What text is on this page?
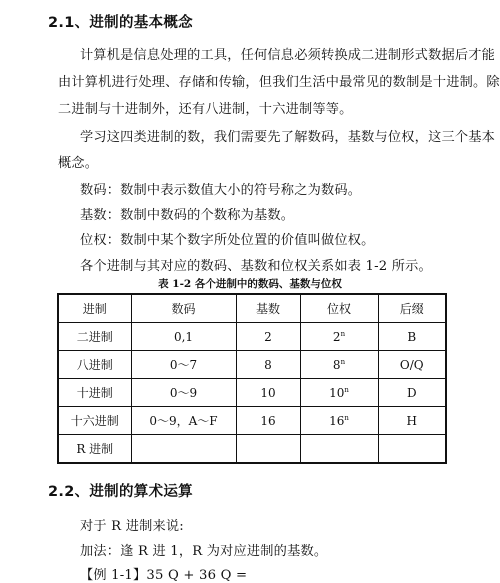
2.1、进制的基本概念
计算机是信息处理的工具，任何信息必须转换成二进制形式数据后才能
由计算机进行处理、存储和传输，但我们生活中最常见的数制是十进制。除
二进制与十进制外，还有八进制，十六进制等等。
学习这四类进制的数，我们需要先了解数码，基数与位权，这三个基本
概念。
数码：数制中表示数值大小的符号称之为数码。
基数：数制中数码的个数称为基数。
位权：数制中某个数字所处位置的价值叫做位权。
各个进制与其对应的数码、基数和位权关系如表 1-2 所示。
表 1-2 各个进制中的数码、基数与位权
进制	数码	基数	位权	后缀
二进制	0,1	2	2$^n$	B
八进制	0～7	8	8$^n$	O/Q
十进制	0～9	10	10$^n$	D
十六进制	0～9，A～F	16	16$^n$	H
R 进制				
2.2、进制的算术运算
对于 R 进制来说:
加法：逢 R 进 1，R 为对应进制的基数。
【例 1-1】35 Q + 36 Q =
